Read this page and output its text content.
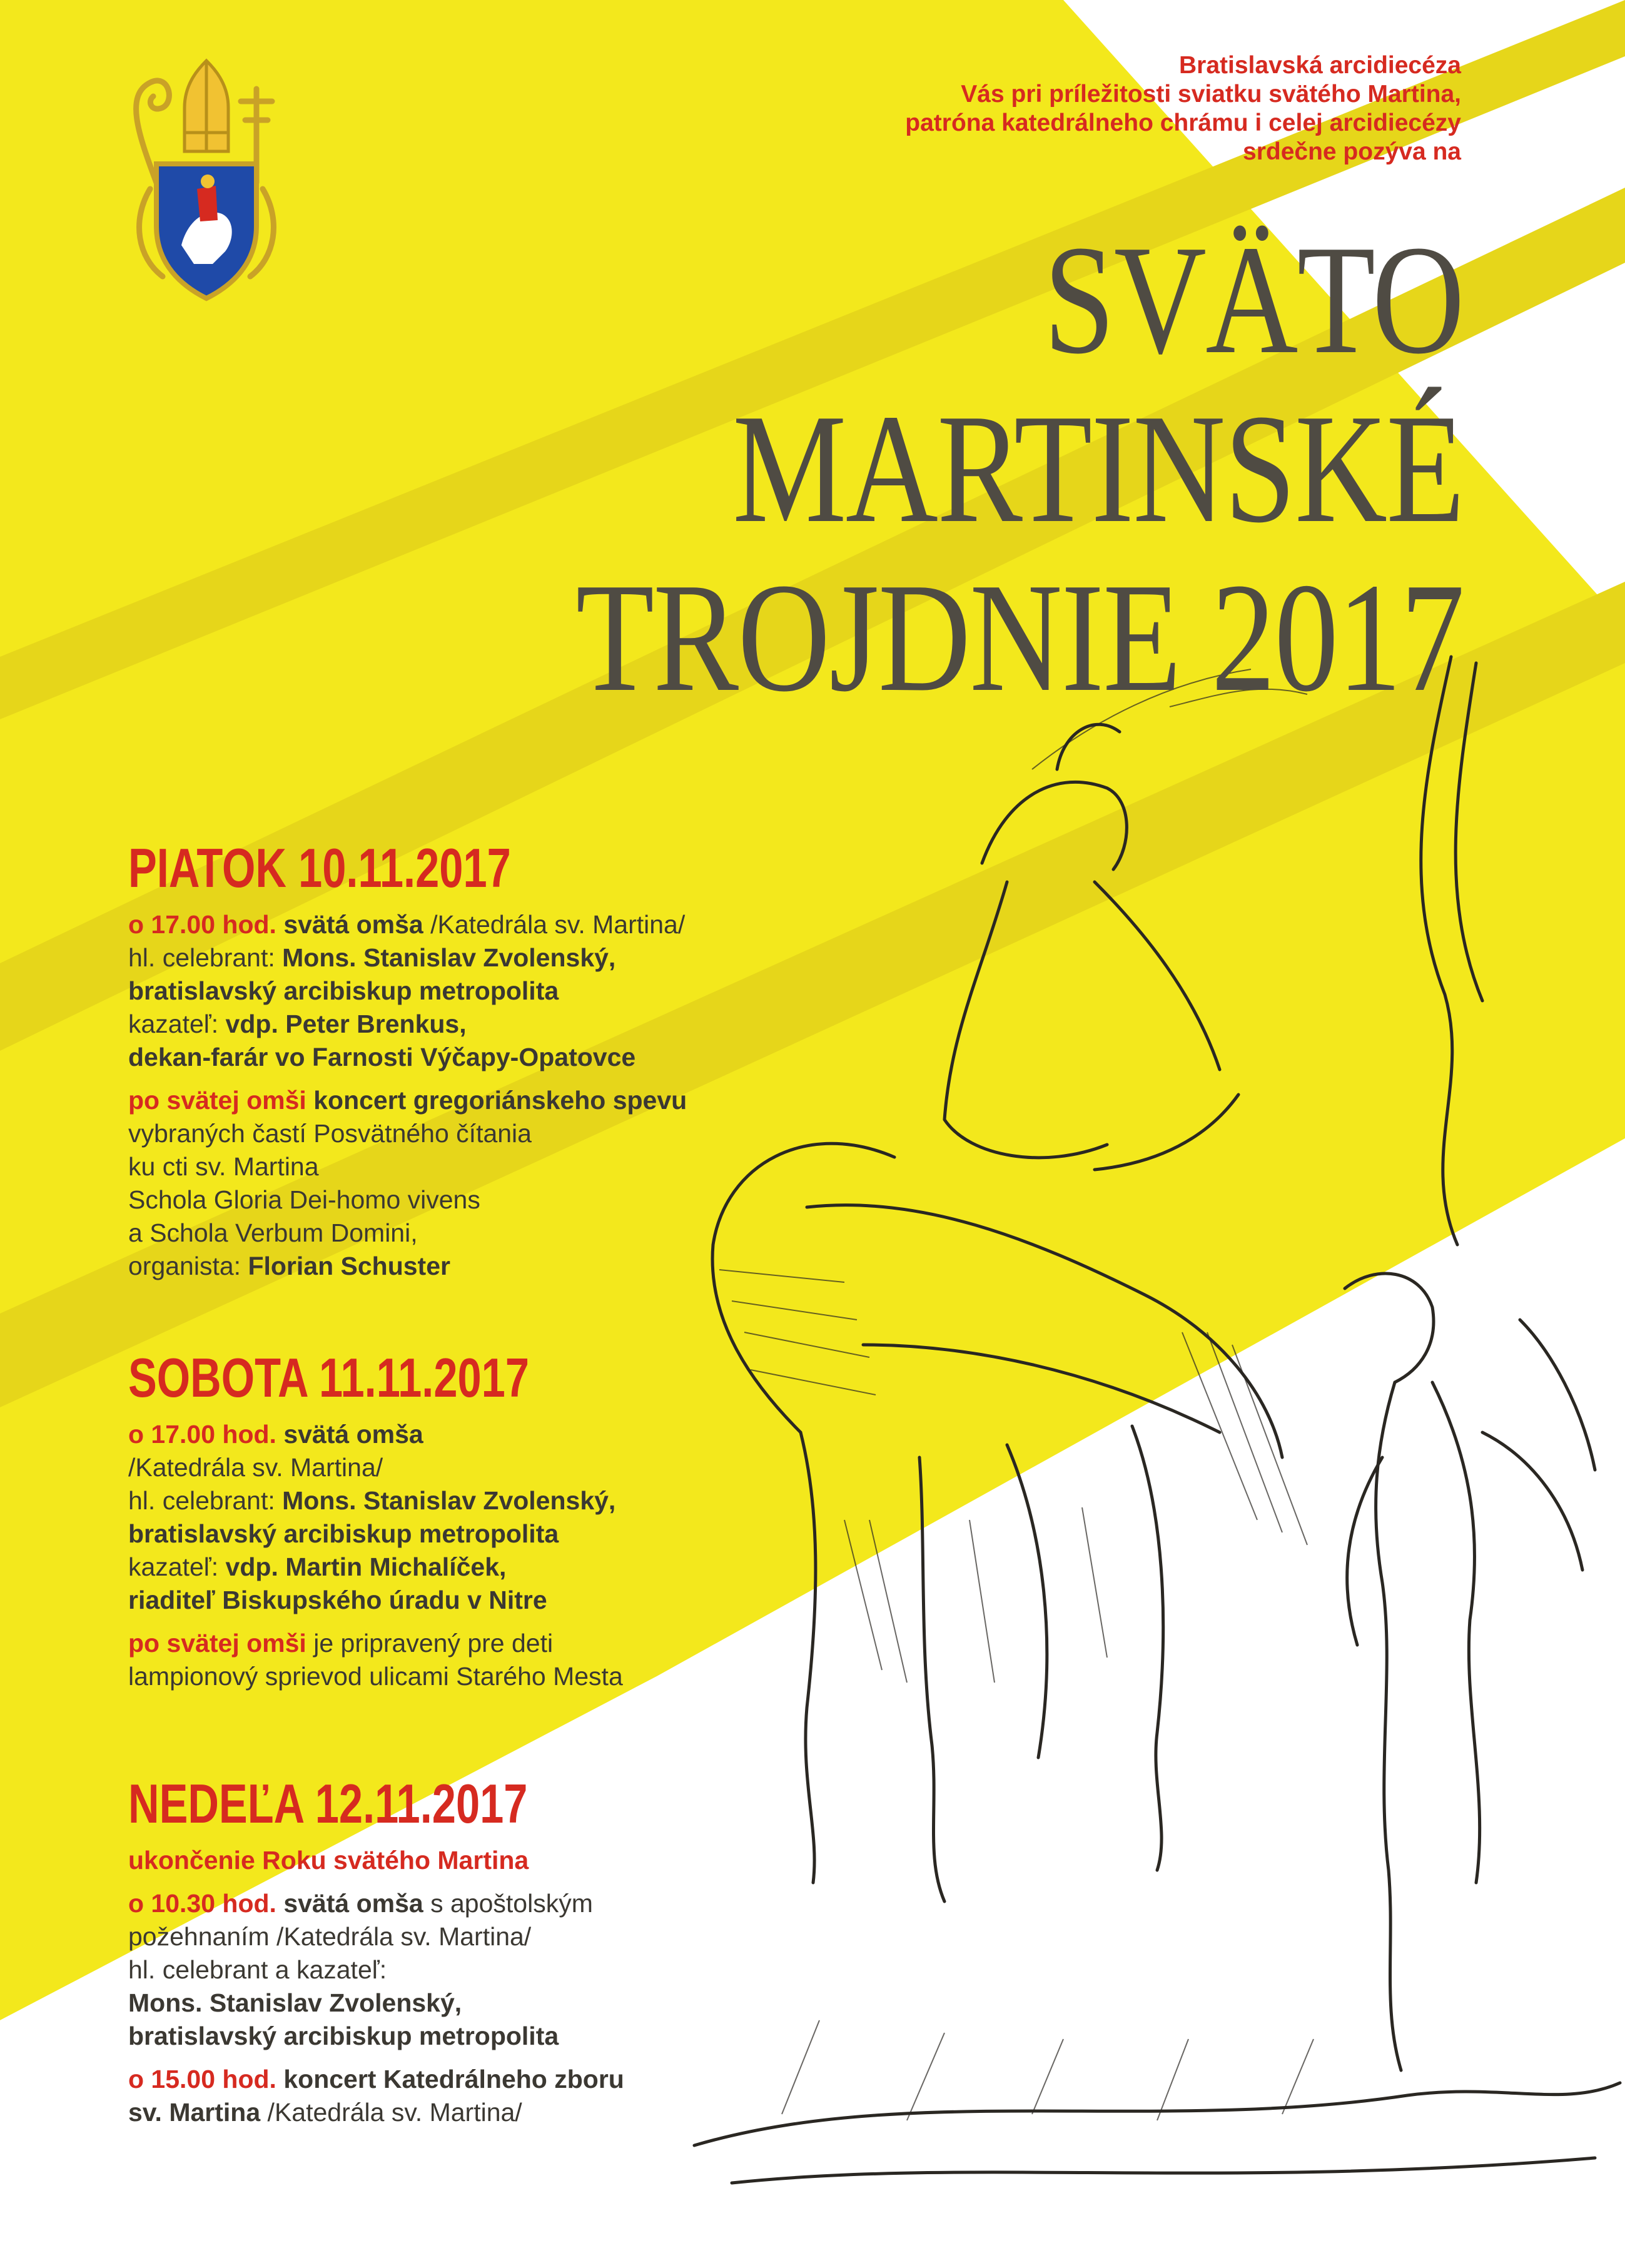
Bratislavská arcidiecéza
Vás pri príležitosti sviatku svätého Martina,
patróna katedrálneho chrámu i celej arcidiecézy
srdečne pozýva na
SVÄTO
MARTINSKÉ
TROJDNIE 2017
PIATOK 10.11.2017
o 17.00 hod. svätá omša /Katedrála sv. Martina/
hl. celebrant: Mons. Stanislav Zvolenský,
bratislavský arcibiskup metropolita
kazateľ: vdp. Peter Brenkus,
dekan-farár vo Farnosti Výčapy-Opatovce
po svätej omši koncert gregoriánskeho spevu
vybraných častí Posvätného čítania
ku cti sv. Martina
Schola Gloria Dei-homo vivens
a Schola Verbum Domini,
organista: Florian Schuster
SOBOTA 11.11.2017
o 17.00 hod. svätá omša
/Katedrála sv. Martina/
hl. celebrant: Mons. Stanislav Zvolenský,
bratislavský arcibiskup metropolita
kazateľ: vdp. Martin Michalíček,
riaditeľ Biskupského úradu v Nitre
po svätej omši je pripravený pre deti
lampionový sprievod ulicami Starého Mesta
NEDEĽA 12.11.2017
ukončenie Roku svätého Martina
o 10.30 hod. svätá omša s apoštolským
požehnaním /Katedrála sv. Martina/
hl. celebrant a kazateľ:
Mons. Stanislav Zvolenský,
bratislavský arcibiskup metropolita
o 15.00 hod. koncert Katedrálneho zboru
sv. Martina /Katedrála sv. Martina/
